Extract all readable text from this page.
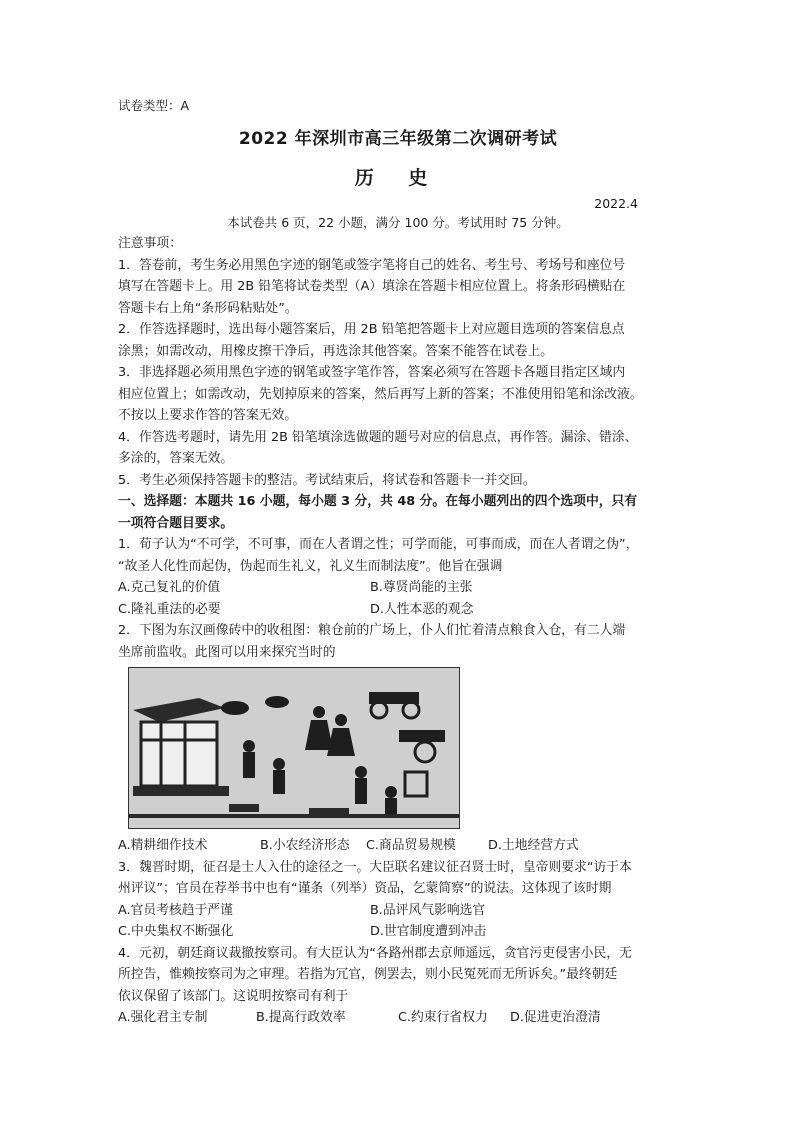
试卷类型：A

2022 年深圳市高三年级第二次调研考试

历 史

2022.4

本试卷共 6 页，22 小题，满分 100 分。考试用时 75 分钟。

注意事项：

1．答卷前，考生务必用黑色字迹的钢笔或签字笔将自己的姓名、考生号、考场号和座位号

填写在答题卡上。用 2B 铅笔将试卷类型（A）填涂在答题卡相应位置上。将条形码横贴在

答题卡右上角“条形码粘贴处”。

2．作答选择题时，选出每小题答案后，用 2B 铅笔把答题卡上对应题目选项的答案信息点

涂黑；如需改动，用橡皮擦干净后，再选涂其他答案。答案不能答在试卷上。

3．非选择题必须用黑色字迹的钢笔或签字笔作答，答案必须写在答题卡各题目指定区域内

相应位置上；如需改动，先划掉原来的答案，然后再写上新的答案；不准使用铅笔和涂改液。

不按以上要求作答的答案无效。

4．作答选考题时，请先用 2B 铅笔填涂选做题的题号对应的信息点，再作答。漏涂、错涂、

多涂的，答案无效。

5．考生必须保持答题卡的整洁。考试结束后，将试卷和答题卡一并交回。

一、选择题：本题共 16 小题，每小题 3 分，共 48 分。在每小题列出的四个选项中，只有

一项符合题目要求。

1．荀子认为“不可学，不可事，而在人者谓之性；可学而能，可事而成，而在人者谓之伪”，

“故圣人化性而起伪，伪起而生礼义，礼义生而制法度”。他旨在强调

A.克己复礼的价值	B.尊贤尚能的主张
C.隆礼重法的必要	D.人性本恶的观念

2．下图为东汉画像砖中的收租图：粮仓前的广场上，仆人们忙着清点粮食入仓，有二人端

坐席前监收。此图可以用来探究当时的

A.精耕细作技术	B.小农经济形态	C.商品贸易规模	D.土地经营方式

3．魏晋时期，征召是士人入仕的途径之一。大臣联名建议征召贤士时，皇帝则要求“访于本

州评议”；官员在荐举书中也有“谨条（列举）资品，乞蒙简察”的说法。这体现了该时期

A.官员考核趋于严谨	B.品评风气影响选官
C.中央集权不断强化	D.世官制度遭到冲击

4．元初，朝廷商议裁撤按察司。有大臣认为“各路州郡去京师遥远，贪官污吏侵害小民，无

所控告，惟赖按察司为之审理。若指为冗官，例罢去，则小民冤死而无所诉矣。”最终朝廷

依议保留了该部门。这说明按察司有利于

A.强化君主专制	B.提高行政效率	C.约束行省权力	D.促进吏治澄清
